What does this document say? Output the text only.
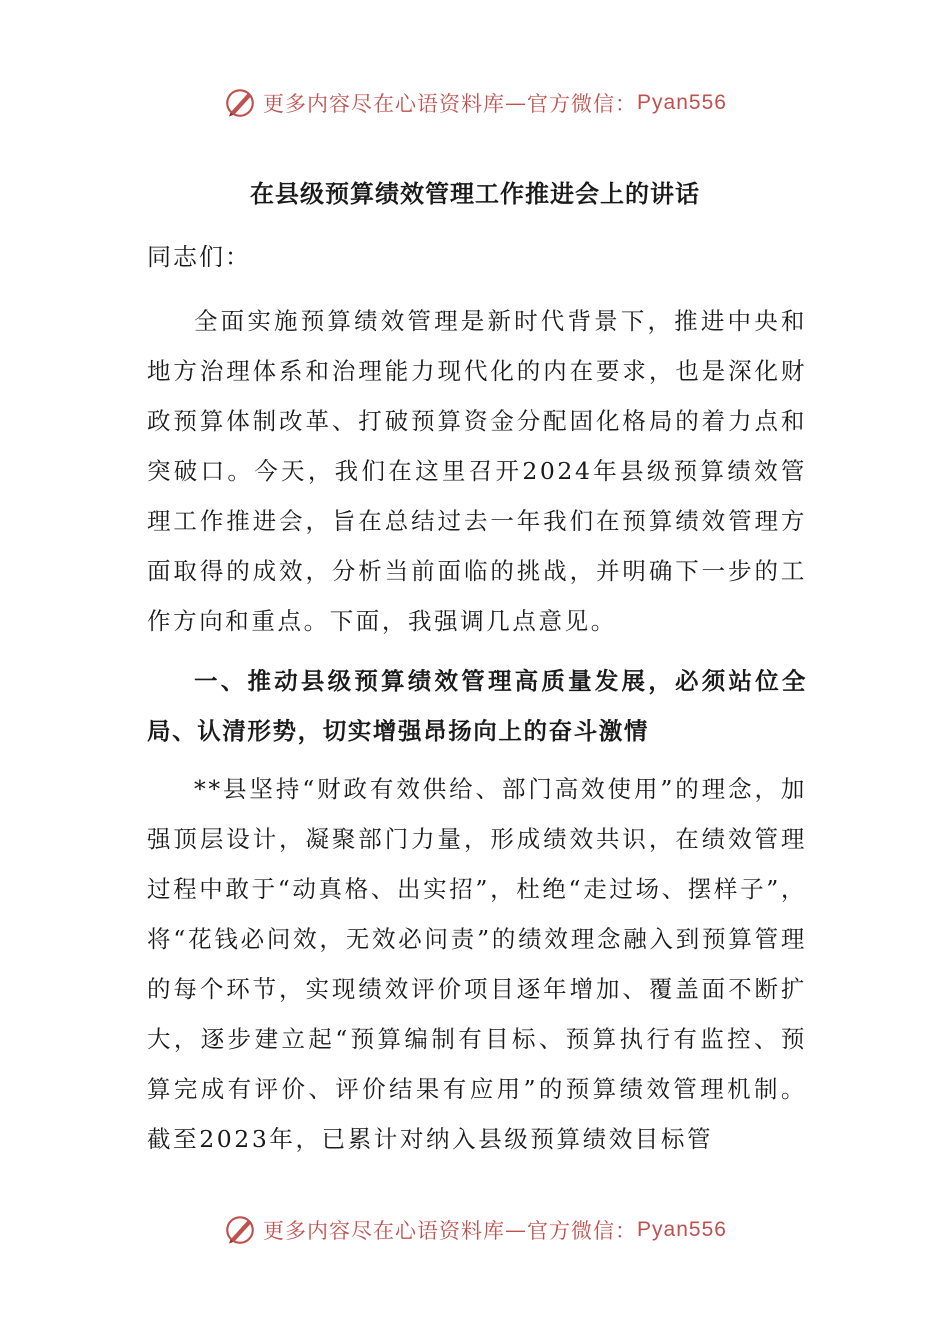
更多内容尽在心语资料库 — 官方微信： Pyan556
在县级预算绩效管理工作推进会上的讲话

同志们：

全面实施预算绩效管理是新时代背景下，推进中央和地方治理体系和治理能力现代化的内在要求，也是深化财政预算体制改革、打破预算资金分配固化格局的着力点和突破口。今天，我们在这里召开2024年县级预算绩效管理工作推进会，旨在总结过去一年我们在预算绩效管理方面取得的成效，分析当前面临的挑战，并明确下一步的工作方向和重点。下面，我强调几点意见。

一、推动县级预算绩效管理高质量发展，必须站位全局、认清形势，切实增强昂扬向上的奋斗激情

**县坚持“财政有效供给、部门高效使用”的理念，加强顶层设计，凝聚部门力量，形成绩效共识，在绩效管理过程中敢于“动真格、出实招”，杜绝“走过场、摆样子”，将“花钱必问效，无效必问责”的绩效理念融入到预算管理的每个环节，实现绩效评价项目逐年增加、覆盖面不断扩大，逐步建立起“预算编制有目标、预算执行有监控、预算完成有评价、评价结果有应用”的预算绩效管理机制。截至2023年，已累计对纳入县级预算绩效目标管

更多内容尽在心语资料库 — 官方微信： Pyan556
